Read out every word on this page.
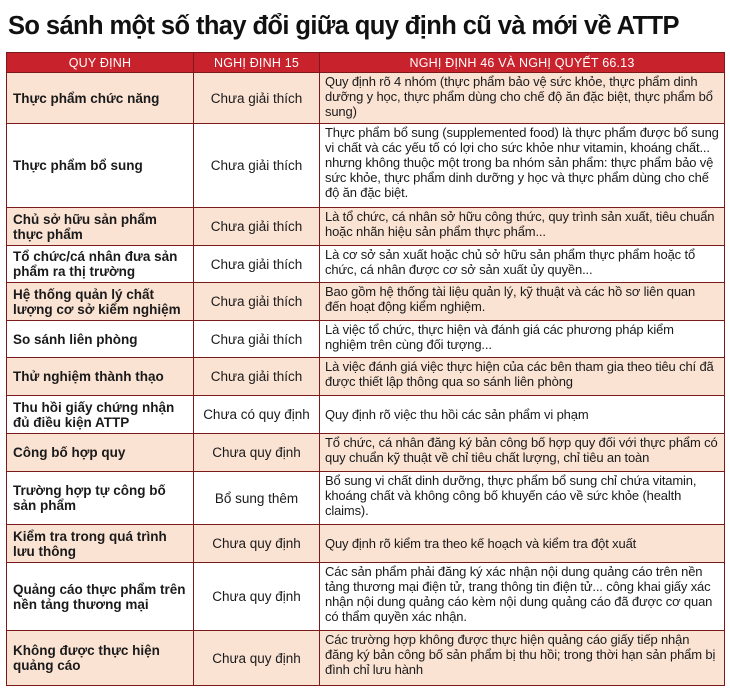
So sánh một số thay đổi giữa quy định cũ và mới về ATTP
QUY ĐỊNH	NGHỊ ĐỊNH 15	NGHỊ ĐỊNH 46 VÀ NGHỊ QUYẾT 66.13
Thực phẩm chức năng	Chưa giải thích	Quy định rõ 4 nhóm (thực phẩm bảo vệ sức khỏe, thực phẩm dinh dưỡng y học, thực phẩm dùng cho chế độ ăn đặc biệt, thực phẩm bổ sung)
Thực phẩm bổ sung	Chưa giải thích	Thực phẩm bổ sung (supplemented food) là thực phẩm được bổ sung vi chất và các yếu tố có lợi cho sức khỏe như vitamin, khoáng chất... nhưng không thuộc một trong ba nhóm sản phẩm: thực phẩm bảo vệ sức khỏe, thực phẩm dinh dưỡng y học và thực phẩm dùng cho chế độ ăn đặc biệt.
Chủ sở hữu sản phẩm thực phẩm	Chưa giải thích	Là tổ chức, cá nhân sở hữu công thức, quy trình sản xuất, tiêu chuẩn hoặc nhãn hiệu sản phẩm thực phẩm...
Tổ chức/cá nhân đưa sản phẩm ra thị trường	Chưa giải thích	Là cơ sở sản xuất hoặc chủ sở hữu sản phẩm thực phẩm hoặc tổ chức, cá nhân được cơ sở sản xuất ủy quyền...
Hệ thống quản lý chất lượng cơ sở kiểm nghiệm	Chưa giải thích	Bao gồm hệ thống tài liệu quản lý, kỹ thuật và các hồ sơ liên quan đến hoạt động kiểm nghiệm.
So sánh liên phòng	Chưa giải thích	Là việc tổ chức, thực hiện và đánh giá các phương pháp kiểm nghiệm trên cùng đối tượng...
Thử nghiệm thành thạo	Chưa giải thích	Là việc đánh giá việc thực hiện của các bên tham gia theo tiêu chí đã được thiết lập thông qua so sánh liên phòng
Thu hồi giấy chứng nhận đủ điều kiện ATTP	Chưa có quy định	Quy định rõ việc thu hồi các sản phẩm vi phạm
Công bố hợp quy	Chưa quy định	Tổ chức, cá nhân đăng ký bản công bố hợp quy đối với thực phẩm có quy chuẩn kỹ thuật về chỉ tiêu chất lượng, chỉ tiêu an toàn
Trường hợp tự công bố sản phẩm	Bổ sung thêm	Bổ sung vi chất dinh dưỡng, thực phẩm bổ sung chỉ chứa vitamin, khoáng chất và không công bố khuyến cáo về sức khỏe (health claims).
Kiểm tra trong quá trình lưu thông	Chưa quy định	Quy định rõ kiểm tra theo kế hoạch và kiểm tra đột xuất
Quảng cáo thực phẩm trên nền tảng thương mại	Chưa quy định	Các sản phẩm phải đăng ký xác nhận nội dung quảng cáo trên nền tảng thương mại điện tử, trang thông tin điện tử... công khai giấy xác nhận nội dung quảng cáo kèm nội dung quảng cáo đã được cơ quan có thẩm quyền xác nhận.
Không được thực hiện quảng cáo	Chưa quy định	Các trường hợp không được thực hiện quảng cáo giấy tiếp nhận đăng ký bản công bố sản phẩm bị thu hồi; trong thời hạn sản phẩm bị đình chỉ lưu hành
